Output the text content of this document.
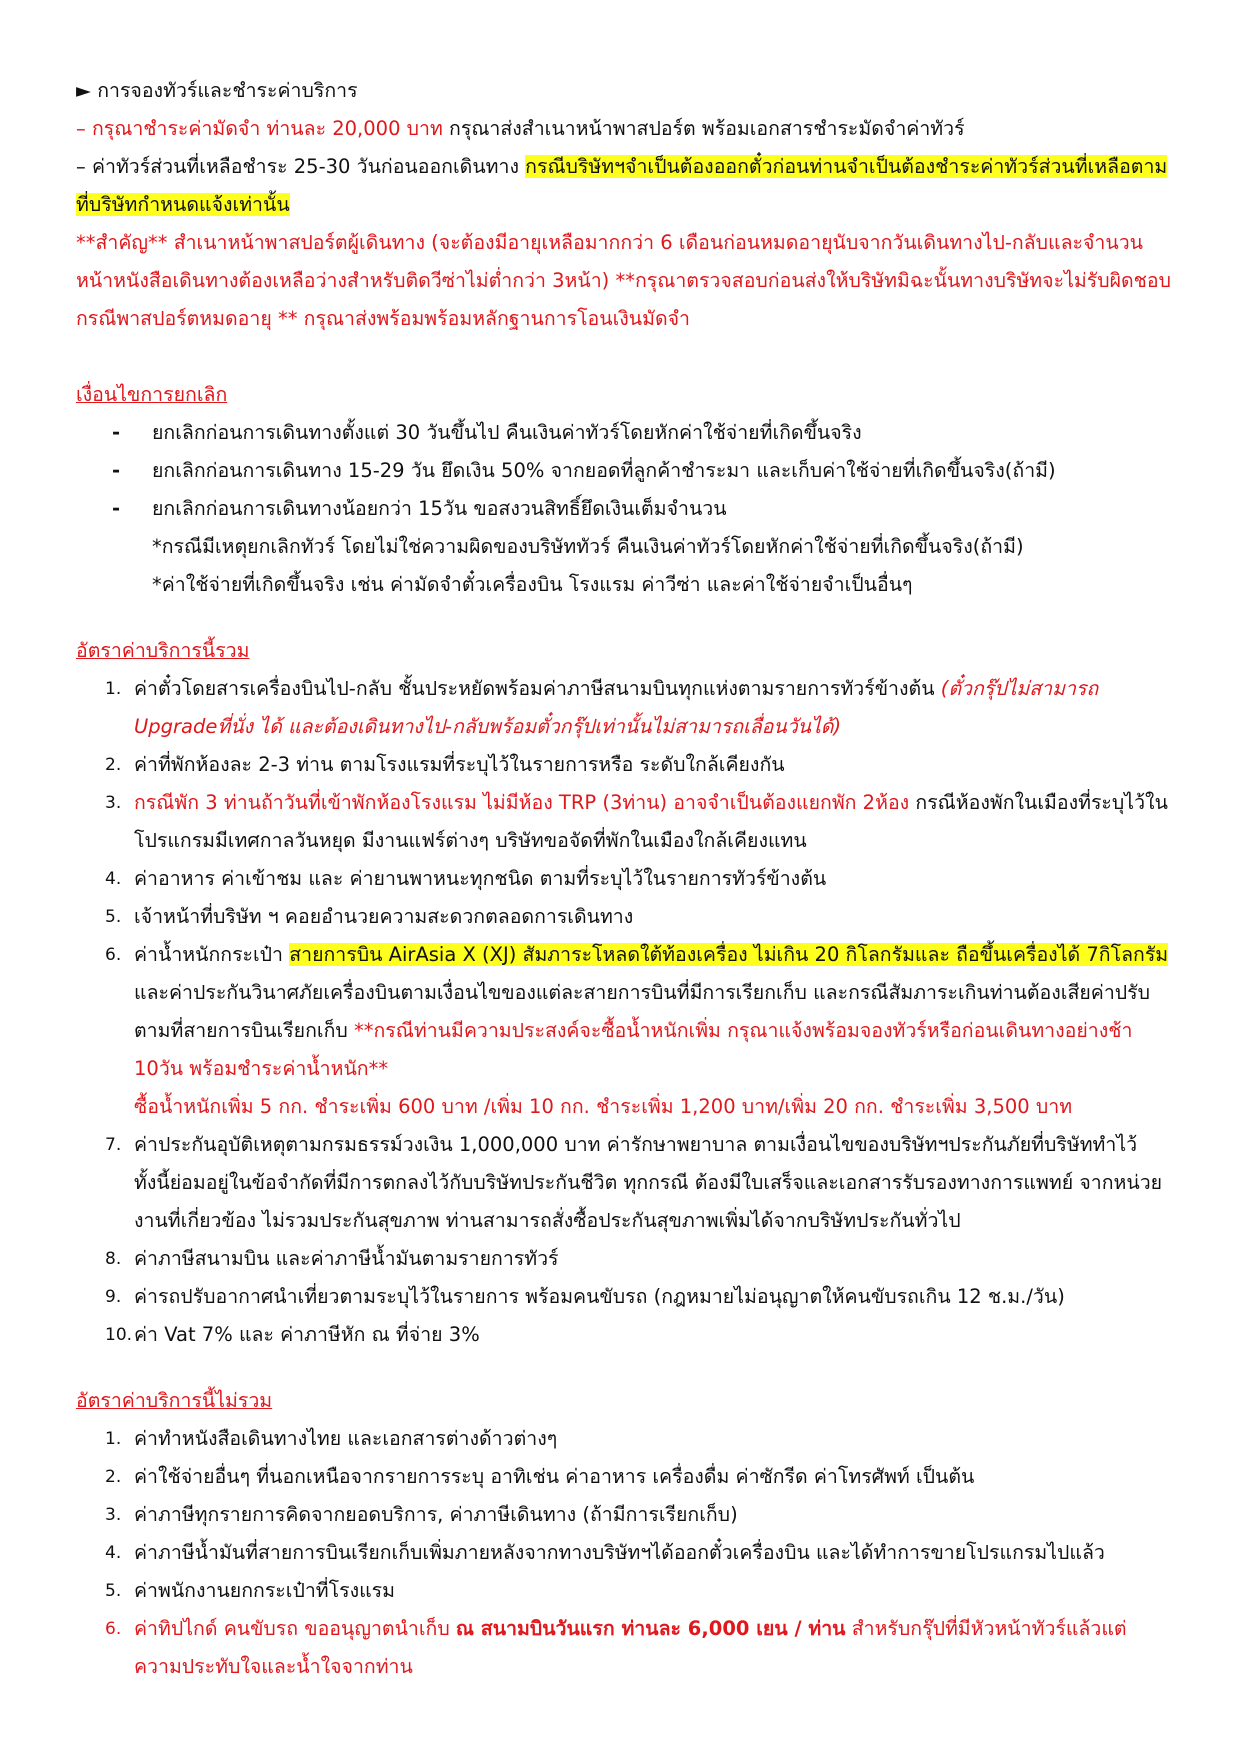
► การจองทัวร์และชำระค่าบริการ

– กรุณาชำระค่ามัดจำ ท่านละ 20,000 บาท กรุณาส่งสำเนาหน้าพาสปอร์ต พร้อมเอกสารชำระมัดจำค่าทัวร์

– ค่าทัวร์ส่วนที่เหลือชำระ 25-30 วันก่อนออกเดินทาง กรณีบริษัทฯจำเป็นต้องออกตั๋วก่อนท่านจำเป็นต้องชำระค่าทัวร์ส่วนที่เหลือตามที่บริษัทกำหนดแจ้งเท่านั้น

**สำคัญ** สำเนาหน้าพาสปอร์ตผู้เดินทาง (จะต้องมีอายุเหลือมากกว่า 6 เดือนก่อนหมดอายุนับจากวันเดินทางไป-กลับและจำนวนหน้าหนังสือเดินทางต้องเหลือว่างสำหรับติดวีซ่าไม่ต่ำกว่า 3หน้า) **กรุณาตรวจสอบก่อนส่งให้บริษัทมิฉะนั้นทางบริษัทจะไม่รับผิดชอบกรณีพาสปอร์ตหมดอายุ ** กรุณาส่งพร้อมพร้อมหลักฐานการโอนเงินมัดจำ

เงื่อนไขการยกเลิก

- ยกเลิกก่อนการเดินทางตั้งแต่ 30 วันขึ้นไป คืนเงินค่าทัวร์โดยหักค่าใช้จ่ายที่เกิดขึ้นจริง
- ยกเลิกก่อนการเดินทาง 15-29 วัน ยึดเงิน 50% จากยอดที่ลูกค้าชำระมา และเก็บค่าใช้จ่ายที่เกิดขึ้นจริง(ถ้ามี)
- ยกเลิกก่อนการเดินทางน้อยกว่า 15วัน ขอสงวนสิทธิ์ยึดเงินเต็มจำนวน

*กรณีมีเหตุยกเลิกทัวร์ โดยไม่ใช่ความผิดของบริษัททัวร์ คืนเงินค่าทัวร์โดยหักค่าใช้จ่ายที่เกิดขึ้นจริง(ถ้ามี)

*ค่าใช้จ่ายที่เกิดขึ้นจริง เช่น ค่ามัดจำตั๋วเครื่องบิน โรงแรม ค่าวีซ่า และค่าใช้จ่ายจำเป็นอื่นๆ

อัตราค่าบริการนี้รวม

1. ค่าตั๋วโดยสารเครื่องบินไป-กลับ ชั้นประหยัดพร้อมค่าภาษีสนามบินทุกแห่งตามรายการทัวร์ข้างต้น (ตั๋วกรุ๊ปไม่สามารถ Upgradeที่นั่ง ได้ และต้องเดินทางไป-กลับพร้อมตั๋วกรุ๊ปเท่านั้นไม่สามารถเลื่อนวันได้)
2. ค่าที่พักห้องละ 2-3 ท่าน ตามโรงแรมที่ระบุไว้ในรายการหรือ ระดับใกล้เคียงกัน
3. กรณีพัก 3 ท่านถ้าวันที่เข้าพักห้องโรงแรม ไม่มีห้อง TRP (3ท่าน) อาจจำเป็นต้องแยกพัก 2ห้อง กรณีห้องพักในเมืองที่ระบุไว้ในโปรแกรมมีเทศกาลวันหยุด มีงานแฟร์ต่างๆ บริษัทขอจัดที่พักในเมืองใกล้เคียงแทน
4. ค่าอาหาร ค่าเข้าชม และ ค่ายานพาหนะทุกชนิด ตามที่ระบุไว้ในรายการทัวร์ข้างต้น
5. เจ้าหน้าที่บริษัท ฯ คอยอำนวยความสะดวกตลอดการเดินทาง
6. ค่าน้ำหนักกระเป๋า สายการบิน AirAsia X (XJ) สัมภาระโหลดใต้ท้องเครื่อง ไม่เกิน 20 กิโลกรัมและ ถือขึ้นเครื่องได้ 7กิโลกรัม และค่าประกันวินาศภัยเครื่องบินตามเงื่อนไขของแต่ละสายการบินที่มีการเรียกเก็บ และกรณีสัมภาระเกินท่านต้องเสียค่าปรับตามที่สายการบินเรียกเก็บ **กรณีท่านมีความประสงค์จะซื้อน้ำหนักเพิ่ม กรุณาแจ้งพร้อมจองทัวร์หรือก่อนเดินทางอย่างช้า 10วัน พร้อมชำระค่าน้ำหนัก**
ซื้อน้ำหนักเพิ่ม 5 กก. ชำระเพิ่ม 600 บาท /เพิ่ม 10 กก. ชำระเพิ่ม 1,200 บาท/เพิ่ม 20 กก. ชำระเพิ่ม 3,500 บาท
7. ค่าประกันอุบัติเหตุตามกรมธรรม์วงเงิน 1,000,000 บาท ค่ารักษาพยาบาล ตามเงื่อนไขของบริษัทฯประกันภัยที่บริษัททำไว้ ทั้งนี้ย่อมอยู่ในข้อจำกัดที่มีการตกลงไว้กับบริษัทประกันชีวิต ทุกกรณี ต้องมีใบเสร็จและเอกสารรับรองทางการแพทย์ จากหน่วยงานที่เกี่ยวข้อง ไม่รวมประกันสุขภาพ ท่านสามารถสั่งซื้อประกันสุขภาพเพิ่มได้จากบริษัทประกันทั่วไป
8. ค่าภาษีสนามบิน และค่าภาษีน้ำมันตามรายการทัวร์
9. ค่ารถปรับอากาศนำเที่ยวตามระบุไว้ในรายการ พร้อมคนขับรถ (กฎหมายไม่อนุญาตให้คนขับรถเกิน 12 ช.ม./วัน)
10. ค่า Vat 7% และ ค่าภาษีหัก ณ ที่จ่าย 3%

อัตราค่าบริการนี้ไม่รวม

1. ค่าทำหนังสือเดินทางไทย และเอกสารต่างด้าวต่างๆ
2. ค่าใช้จ่ายอื่นๆ ที่นอกเหนือจากรายการระบุ อาทิเช่น ค่าอาหาร เครื่องดื่ม ค่าซักรีด ค่าโทรศัพท์ เป็นต้น
3. ค่าภาษีทุกรายการคิดจากยอดบริการ, ค่าภาษีเดินทาง (ถ้ามีการเรียกเก็บ)
4. ค่าภาษีน้ำมันที่สายการบินเรียกเก็บเพิ่มภายหลังจากทางบริษัทฯได้ออกตั๋วเครื่องบิน และได้ทำการขายโปรแกรมไปแล้ว
5. ค่าพนักงานยกกระเป๋าที่โรงแรม
6. ค่าทิปไกด์ คนขับรถ ขออนุญาตนำเก็บ ณ สนามบินวันแรก ท่านละ 6,000 เยน / ท่าน สำหรับกรุ๊ปที่มีหัวหน้าทัวร์แล้วแต่ความประทับใจและน้ำใจจากท่าน
